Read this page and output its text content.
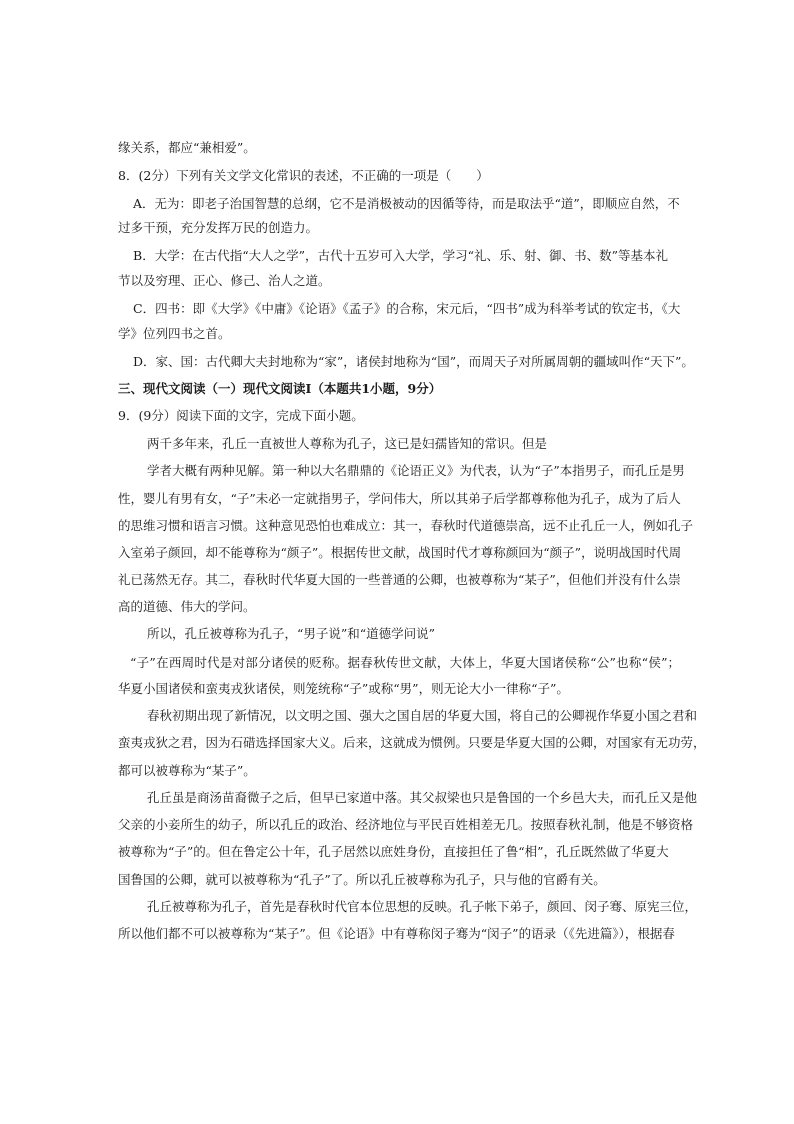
缘关系，都应“兼相爱”。

8．(2分）下列有关文学文化常识的表述，不正确的一项是（　　）

A．无为：即老子治国智慧的总纲，它不是消极被动的因循等待，而是取法乎“道”，即顺应自然，不

过多干预，充分发挥万民的创造力。

B．大学：在古代指“大人之学”，古代十五岁可入大学，学习“礼、乐、射、御、书、数”等基本礼

节以及穷理、正心、修己、治人之道。

C．四书：即《大学》《中庸》《论语》《孟子》的合称，宋元后，“四书”成为科举考试的钦定书，《大

学》位列四书之首。

D．家、国：古代卿大夫封地称为“家”，诸侯封地称为“国”，而周天子对所属周朝的疆域叫作“天下”。

三、现代文阅读（一）现代文阅读Ⅰ（本题共1小题，9分）

9．(9分）阅读下面的文字，完成下面小题。

两千多年来，孔丘一直被世人尊称为孔子，这已是妇孺皆知的常识。但是

学者大概有两种见解。第一种以大名鼎鼎的《论语正义》为代表，认为“子”本指男子，而孔丘是男

性，婴儿有男有女，“子”未必一定就指男子，学问伟大，所以其弟子后学都尊称他为孔子，成为了后人

的思维习惯和语言习惯。这种意见恐怕也难成立：其一，春秋时代道德崇高，远不止孔丘一人，例如孔子

入室弟子颜回，却不能尊称为“颜子”。根据传世文献，战国时代才尊称颜回为“颜子”，说明战国时代周

礼已荡然无存。其二，春秋时代华夏大国的一些普通的公卿，也被尊称为“某子”，但他们并没有什么崇

高的道德、伟大的学问。

所以，孔丘被尊称为孔子，“男子说”和“道德学问说”

“子”在西周时代是对部分诸侯的贬称。据春秋传世文献，大体上，华夏大国诸侯称“公”也称“侯”；

华夏小国诸侯和蛮夷戎狄诸侯，则笼统称“子”或称“男”，则无论大小一律称“子”。

春秋初期出现了新情况，以文明之国、强大之国自居的华夏大国，将自己的公卿视作华夏小国之君和

蛮夷戎狄之君，因为石碏选择国家大义。后来，这就成为惯例。只要是华夏大国的公卿，对国家有无功劳，

都可以被尊称为“某子”。

孔丘虽是商汤苗裔微子之后，但早已家道中落。其父叔梁也只是鲁国的一个乡邑大夫，而孔丘又是他

父亲的小妾所生的幼子，所以孔丘的政治、经济地位与平民百姓相差无几。按照春秋礼制，他是不够资格

被尊称为“子”的。但在鲁定公十年，孔子居然以庶姓身份，直接担任了鲁“相”，孔丘既然做了华夏大

国鲁国的公卿，就可以被尊称为“孔子”了。所以孔丘被尊称为孔子，只与他的官爵有关。

孔丘被尊称为孔子，首先是春秋时代官本位思想的反映。孔子帐下弟子，颜回、闵子骞、原宪三位，

所以他们都不可以被尊称为“某子”。但《论语》中有尊称闵子骞为“闵子”的语录（《先进篇》），根据春
